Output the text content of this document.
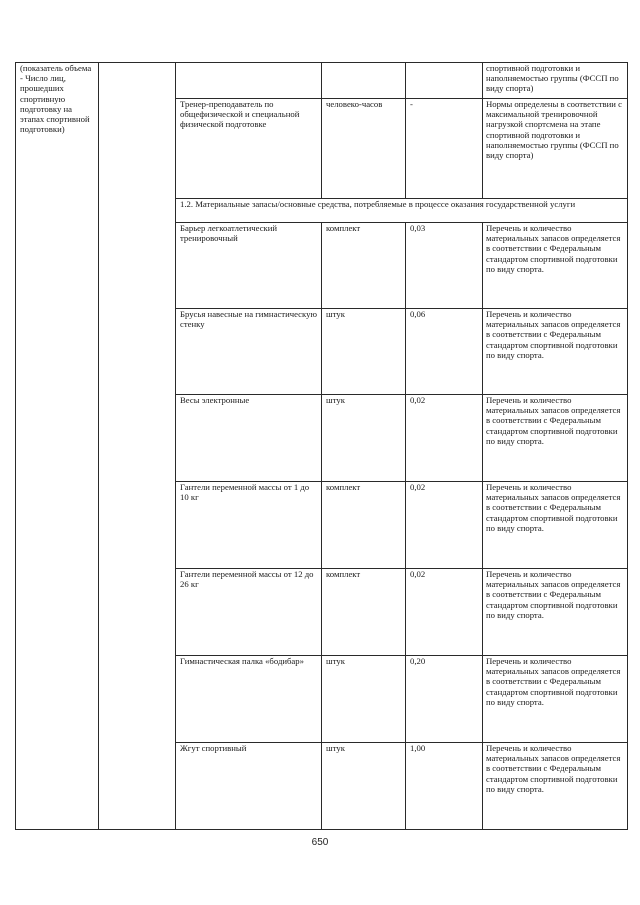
(показатель объема - Число лиц, прошедших спортивную подготовку на этапах спортивной подготовки)					спортивной подготовки и наполняемостью группы (ФССП по виду спорта)
		Тренер-преподаватель по общефизической и специальной физической подготовке	человеко-часов	-	Нормы определены в соответствии с максимальной тренировочной нагрузкой спортсмена на этапе спортивной подготовки и наполняемостью группы (ФССП по виду спорта)
		1.2. Материальные запасы/основные средства, потребляемые в процессе оказания государственной услуги			
		Барьер легкоатлетический тренировочный	комплект	0,03	Перечень и количество материальных запасов определяется в соответствии с Федеральным стандартом спортивной подготовки по виду спорта.
		Брусья навесные на гимнастическую стенку	штук	0,06	Перечень и количество материальных запасов определяется в соответствии с Федеральным стандартом спортивной подготовки по виду спорта.
		Весы электронные	штук	0,02	Перечень и количество материальных запасов определяется в соответствии с Федеральным стандартом спортивной подготовки по виду спорта.
		Гантели переменной массы от 1 до 10 кг	комплект	0,02	Перечень и количество материальных запасов определяется в соответствии с Федеральным стандартом спортивной подготовки по виду спорта.
		Гантели переменной массы от 12 до 26 кг	комплект	0,02	Перечень и количество материальных запасов определяется в соответствии с Федеральным стандартом спортивной подготовки по виду спорта.
		Гимнастическая палка «бодибар»	штук	0,20	Перечень и количество материальных запасов определяется в соответствии с Федеральным стандартом спортивной подготовки по виду спорта.
		Жгут спортивный	штук	1,00	Перечень и количество материальных запасов определяется в соответствии с Федеральным стандартом спортивной подготовки по виду спорта.
650
